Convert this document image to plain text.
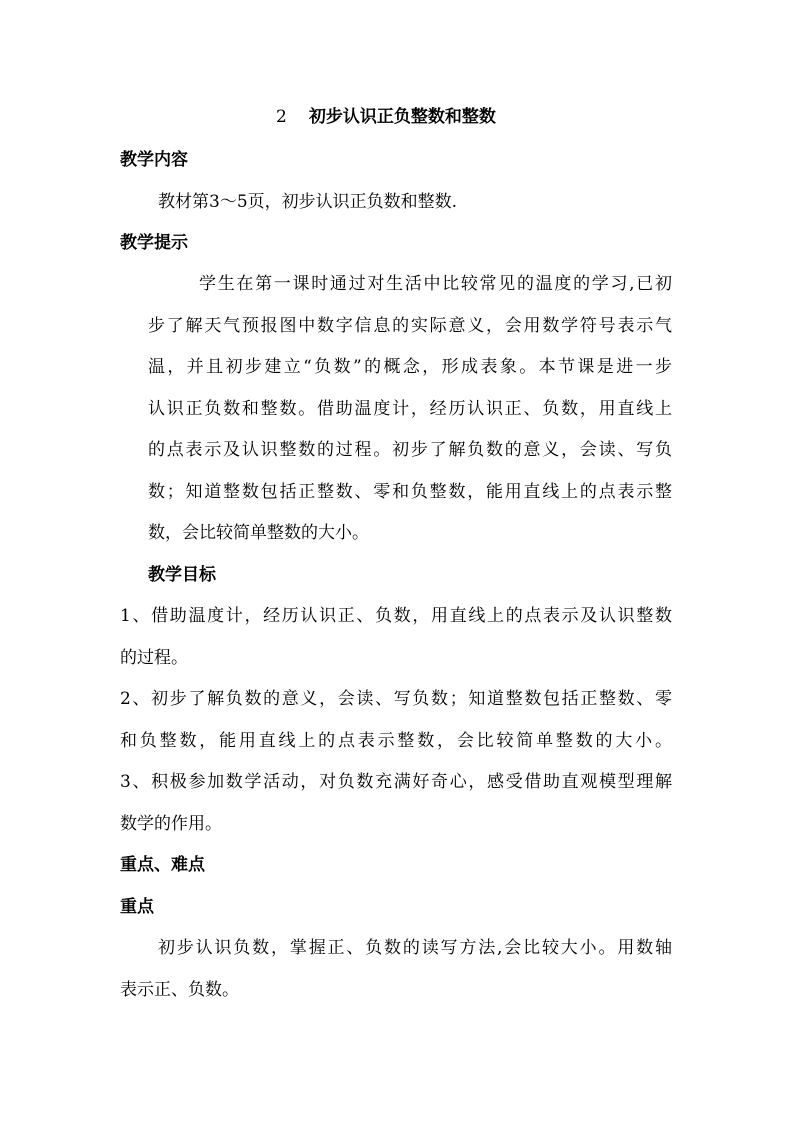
2 初步认识正负整数和整数
教学内容
教材第3～5页，初步认识正负数和整数.
教学提示
学生在第一课时通过对生活中比较常见的温度的学习,已初
步了解天气预报图中数字信息的实际意义，会用数学符号表示气
温，并且初步建立“负数”的概念，形成表象。本节课是进一步
认识正负数和整数。借助温度计，经历认识正、负数，用直线上
的点表示及认识整数的过程。初步了解负数的意义，会读、写负
数；知道整数包括正整数、零和负整数，能用直线上的点表示整
数，会比较简单整数的大小。
教学目标
1、借助温度计，经历认识正、负数，用直线上的点表示及认识整数
的过程。
2、初步了解负数的意义，会读、写负数；知道整数包括正整数、零
和负整数，能用直线上的点表示整数，会比较简单整数的大小。
3、积极参加数学活动，对负数充满好奇心，感受借助直观模型理解
数学的作用。
重点、难点
重点
初步认识负数，掌握正、负数的读写方法,会比较大小。用数轴
表示正、负数。
